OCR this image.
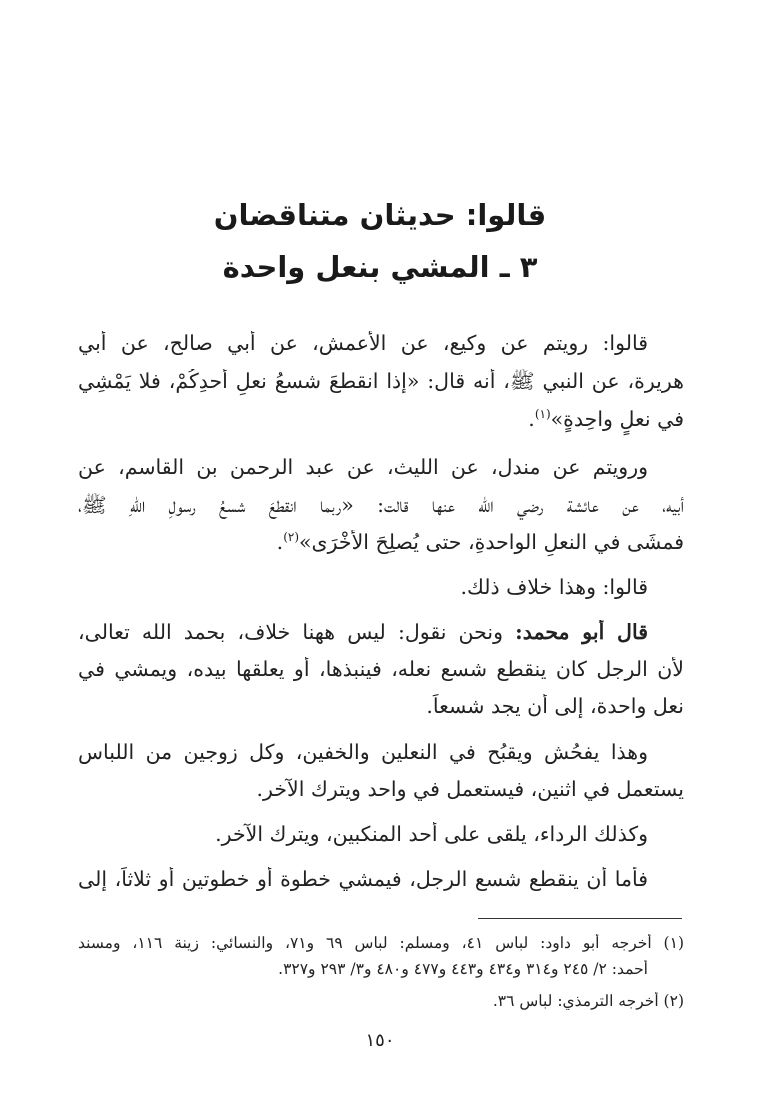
قالوا: حديثان متناقضان
٣ ـ المشي بنعل واحدة
قالوا: رويتم عن وكيع، عن الأعمش، عن أبي صالح، عن أبي
هريرة، عن النبي ﷺ، أنه قال: «إذا انقطعَ شسعُ نعلِ أحدِكُمْ، فلا يَمْشِي
في نعلٍ واحِدةٍ»$^{(١)}$.
ورويتم عن مندل، عن الليث، عن عبد الرحمن بن القاسم، عن
أبيه، عن عائشة رضي الله عنها قالت: «ربما انقطعَ شسعُ رسولِ اللّهِ ﷺ،
فمشَى في النعلِ الواحدةِ، حتى يُصلِحَ الأُخْرَى»$^{(٢)}$.
قالوا: وهذا خلاف ذلك.
قال أبو محمد: ونحن نقول: ليس ههنا خلاف، بحمد الله تعالى،
لأن الرجل كان ينقطع شسع نعله، فينبذها، أو يعلقها بيده، ويمشي في
نعل واحدة، إلى أن يجد شسعاً.
وهذا يفحُش ويقبُح في النعلين والخفين، وكل زوجين من اللباس
يستعمل في اثنين، فيستعمل في واحد ويترك الآخر.
وكذلك الرداء، يلقى على أحد المنكبين، ويترك الآخر.
فأما أن ينقطع شسع الرجل، فيمشي خطوة أو خطوتين أو ثلاثاً، إلى
(١) أخرجه أبو داود: لباس ٤١، ومسلم: لباس ٦٩ و٧١، والنسائي: زينة ١١٦، ومسند
أحمد: ٢/ ٢٤٥ و٣١٤ و٤٣٤ و٤٤٣ و٤٧٧ و٤٨٠ و٣/ ٢٩٣ و٣٢٧.
(٢) أخرجه الترمذي: لباس ٣٦.
١٥٠
